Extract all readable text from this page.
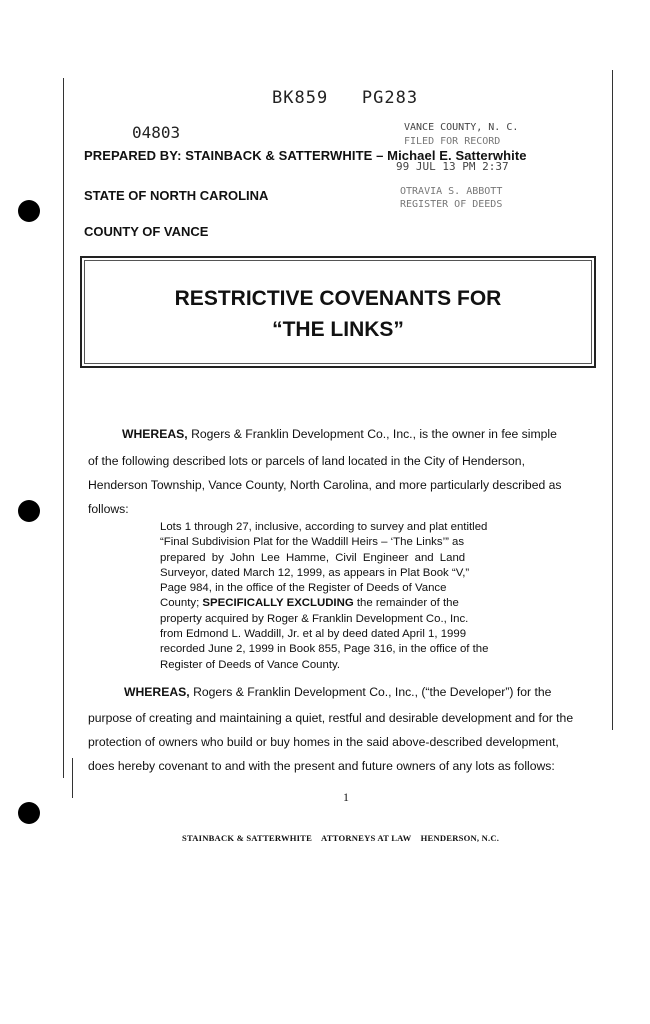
BK859   PG283
04803	VANCE COUNTY, N. C.
FILED FOR RECORD
99 JUL 13 PM 2:37
OTRAVIA S. ABBOTT
REGISTER OF DEEDS
PREPARED BY: STAINBACK & SATTERWHITE – Michael E. Satterwhite
STATE OF NORTH CAROLINA
COUNTY OF VANCE
RESTRICTIVE COVENANTS FOR
“THE LINKS”

WHEREAS, Rogers & Franklin Development Co., Inc., is the owner in fee simple

of the following described lots or parcels of land located in the City of Henderson,

Henderson Township, Vance County, North Carolina, and more particularly described as

follows:

Lots 1 through 27, inclusive, according to survey and plat entitled
“Final Subdivision Plat for the Waddill Heirs – ‘The Links’” as
prepared by John Lee Hamme, Civil Engineer and Land
Surveyor, dated March 12, 1999, as appears in Plat Book “V,”
Page 984, in the office of the Register of Deeds of Vance
County; SPECIFICALLY EXCLUDING the remainder of the
property acquired by Roger & Franklin Development Co., Inc.
from Edmond L. Waddill, Jr. et al by deed dated April 1, 1999
recorded June 2, 1999 in Book 855, Page 316, in the office of the
Register of Deeds of Vance County.

WHEREAS, Rogers & Franklin Development Co., Inc., (“the Developer”) for the

purpose of creating and maintaining a quiet, restful and desirable development and for the

protection of owners who build or buy homes in the said above-described development,

does hereby covenant to and with the present and future owners of any lots as follows:

1
STAINBACK & SATTERWHITE    ATTORNEYS AT LAW    HENDERSON, N.C.
